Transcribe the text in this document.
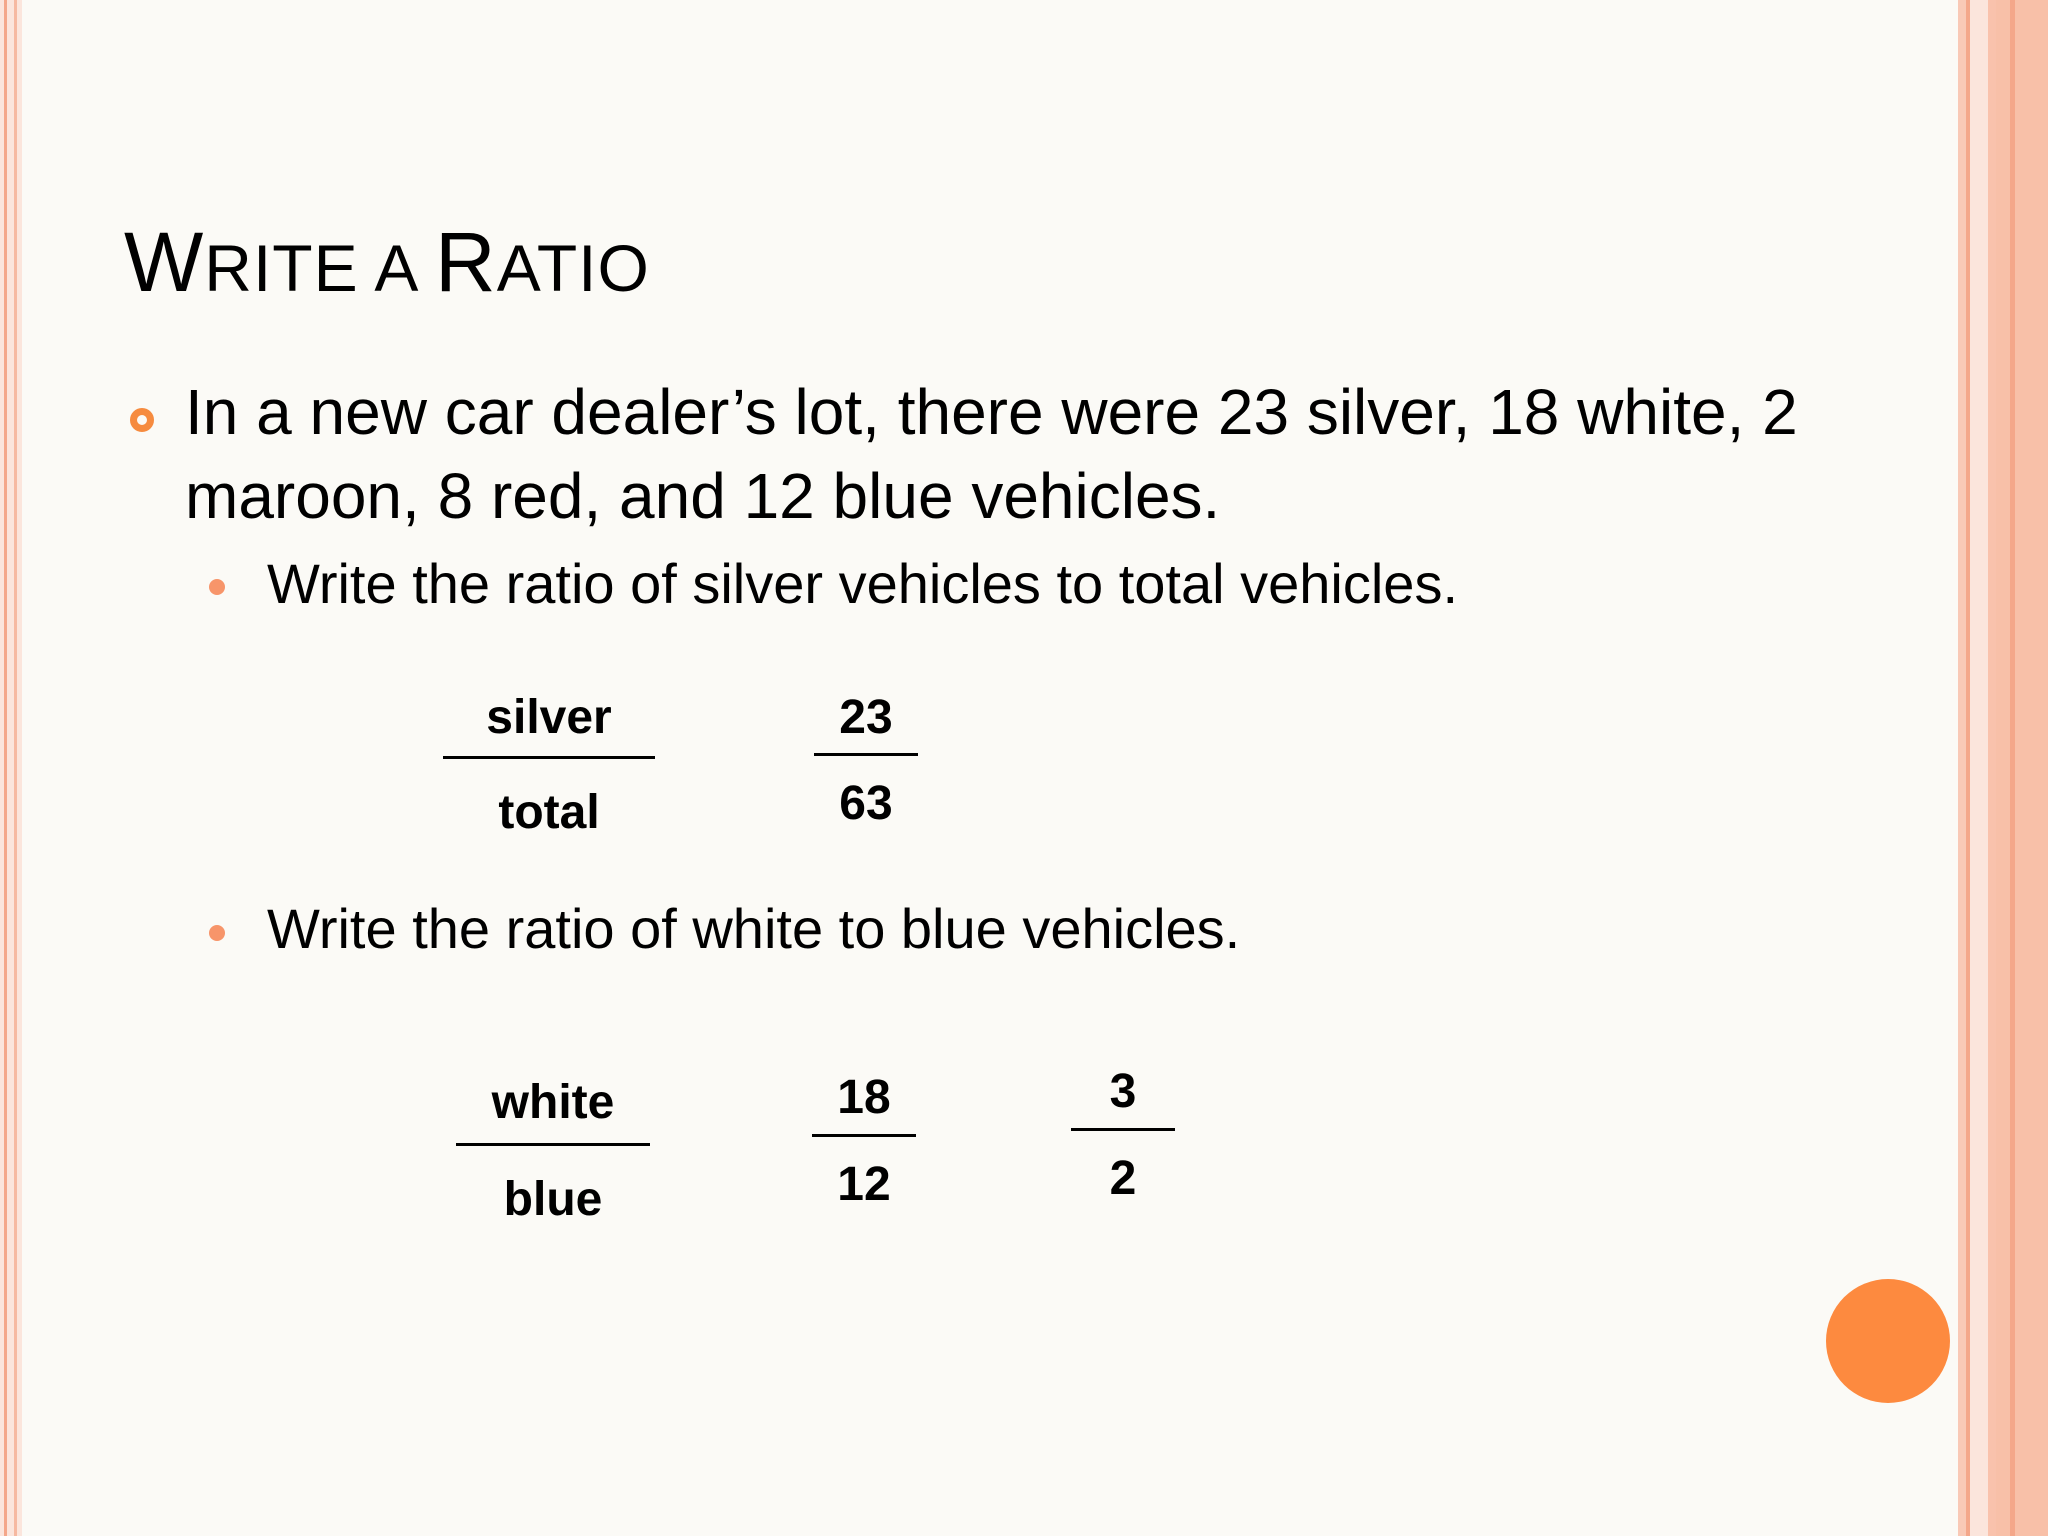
WRITE A RATIO

In a new car dealer’s lot, there were 23 silver, 18 white, 2 maroon, 8 red, and 12 blue vehicles.

Write the ratio of silver vehicles to total vehicles.

silver
total
23
63

Write the ratio of white to blue vehicles.

white
blue
18
12
3
2
